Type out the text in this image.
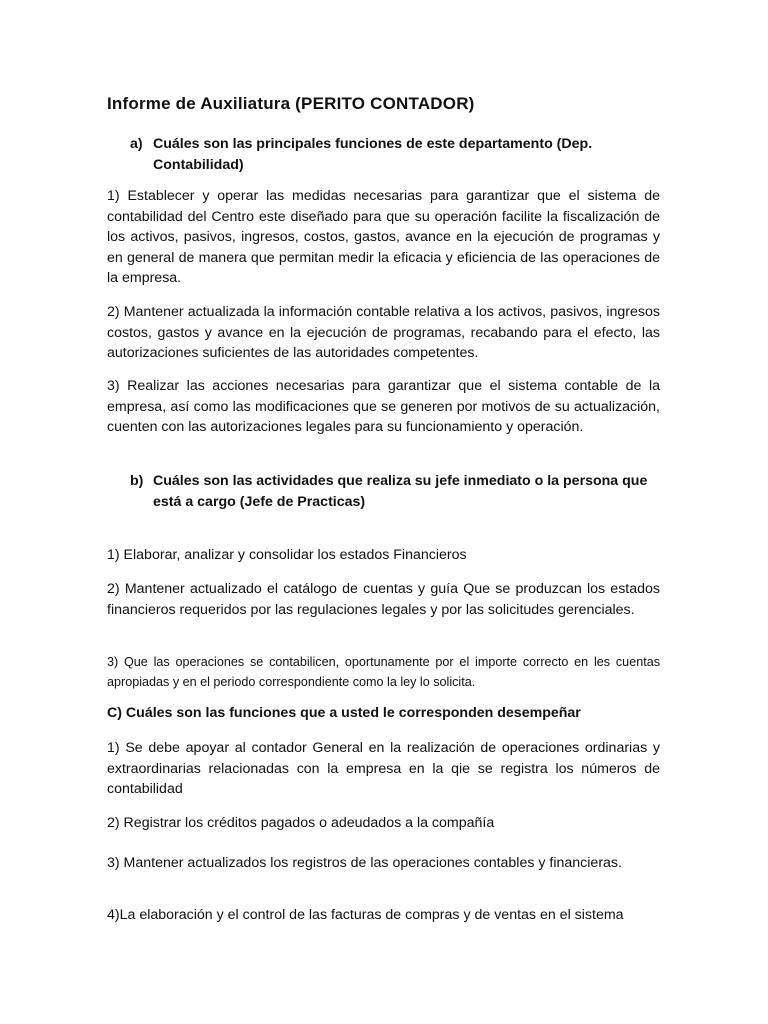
Informe de Auxiliatura (PERITO CONTADOR)
a) Cuáles son las principales funciones de este departamento (Dep. Contabilidad)
1) Establecer y operar las medidas necesarias para garantizar que el sistema de contabilidad del Centro este diseñado para que su operación facilite la fiscalización de los activos, pasivos, ingresos, costos, gastos, avance en la ejecución de programas y en general de manera que permitan medir la eficacia y eficiencia de las operaciones de la empresa.
2) Mantener actualizada la información contable relativa a los activos, pasivos, ingresos costos, gastos y avance en la ejecución de programas, recabando para el efecto, las autorizaciones suficientes de las autoridades competentes.
3) Realizar las acciones necesarias para garantizar que el sistema contable de la empresa, así como las modificaciones que se generen por motivos de su actualización, cuenten con las autorizaciones legales para su funcionamiento y operación.
b) Cuáles son las actividades que realiza su jefe inmediato o la persona que está a cargo (Jefe de Practicas)
1) Elaborar, analizar y consolidar los estados Financieros
2) Mantener actualizado el catálogo de cuentas y guía Que se produzcan los estados financieros requeridos por las regulaciones legales y por las solicitudes gerenciales.
3) Que las operaciones se contabilicen, oportunamente por el importe correcto en les cuentas apropiadas y en el periodo correspondiente como la ley lo solicita.
C) Cuáles son las funciones que a usted le corresponden desempeñar
1) Se debe apoyar al contador General en la realización de operaciones ordinarias y extraordinarias relacionadas con la empresa en la qie se registra los números de contabilidad
2) Registrar los créditos pagados o adeudados a la compañía
3) Mantener actualizados los registros de las operaciones contables y financieras.
4)La elaboración y el control de las facturas de compras y de ventas en el sistema
